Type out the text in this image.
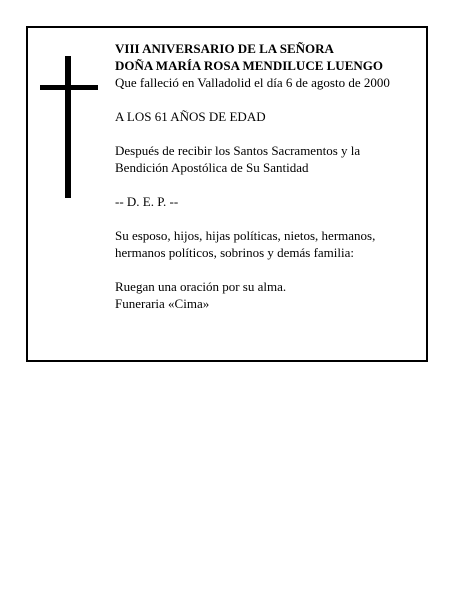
VIII ANIVERSARIO DE LA SEÑORA

DOÑA MARÍA ROSA MENDILUCE LUENGO

Que falleció en Valladolid el día 6 de agosto de 2000

A LOS 61 AÑOS DE EDAD

Después de recibir los Santos Sacramentos y la

Bendición Apostólica de Su Santidad

-- D. E. P. --

Su esposo, hijos, hijas políticas, nietos, hermanos,

hermanos políticos, sobrinos y demás familia:

Ruegan una oración por su alma.

Funeraria «Cima»
